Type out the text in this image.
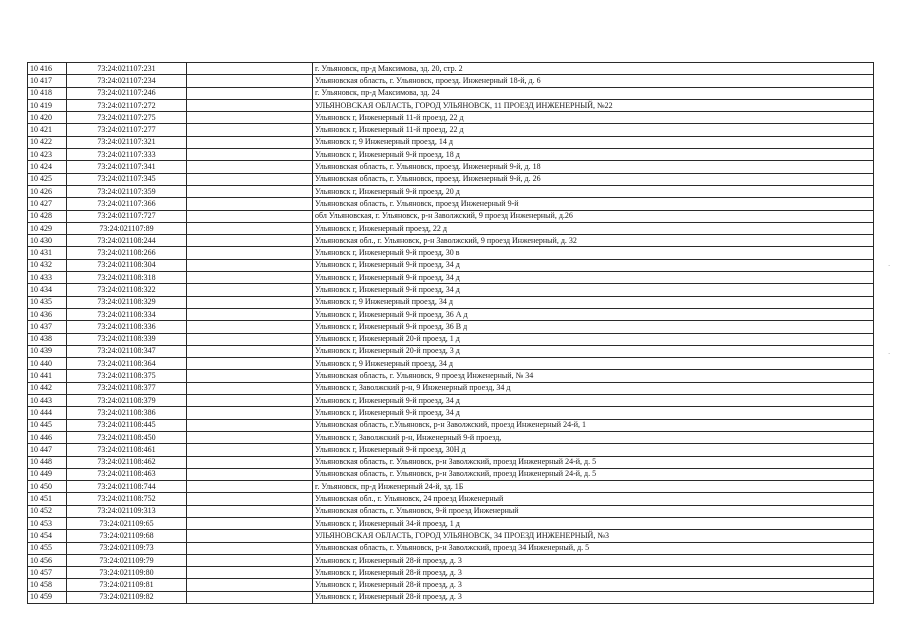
10 416	73:24:021107:231		г. Ульяновск, пр-д Максимова, зд. 20, стр. 2
10 417	73:24:021107:234		Ульяновская область, г. Ульяновск, проезд. Инженерный 18-й, д. 6
10 418	73:24:021107:246		г. Ульяновск, пр-д Максимова, зд. 24
10 419	73:24:021107:272		УЛЬЯНОВСКАЯ ОБЛАСТЬ, ГОРОД УЛЬЯНОВСК, 11 ПРОЕЗД ИНЖЕНЕРНЫЙ, №22
10 420	73:24:021107:275		Ульяновск г, Инженерный 11-й проезд, 22 д
10 421	73:24:021107:277		Ульяновск г, Инженерный 11-й проезд, 22 д
10 422	73:24:021107:321		Ульяновск г, 9 Инженерный проезд, 14 д
10 423	73:24:021107:333		Ульяновск г, Инженерный 9-й проезд, 18 д
10 424	73:24:021107:341		Ульяновская область, г. Ульяновск, проезд. Инженерный 9-й, д. 18
10 425	73:24:021107:345		Ульяновская область, г. Ульяновск, проезд. Инженерный 9-й, д. 26
10 426	73:24:021107:359		Ульяновск г, Инженерный 9-й проезд, 20 д
10 427	73:24:021107:366		Ульяновская область, г. Ульяновск, проезд Инженерный 9-й
10 428	73:24:021107:727		обл Ульяновская, г. Ульяновск, р-н Заволжский, 9 проезд Инженерный, д.26
10 429	73:24:021107:89		Ульяновск г, Инженерный проезд, 22 д
10 430	73:24:021108:244		Ульяновская обл., г. Ульяновск, р-н Заволжский, 9 проезд Инженерный, д. 32
10 431	73:24:021108:266		Ульяновск г, Инженерный 9-й проезд, 30 в
10 432	73:24:021108:304		Ульяновск г, Инженерный 9-й проезд, 34 д
10 433	73:24:021108:318		Ульяновск г, Инженерный 9-й проезд, 34 д
10 434	73:24:021108:322		Ульяновск г, Инженерный 9-й проезд, 34 д
10 435	73:24:021108:329		Ульяновск г, 9 Инженерный проезд, 34 д
10 436	73:24:021108:334		Ульяновск г, Инженерный 9-й проезд, 36 А д
10 437	73:24:021108:336		Ульяновск г, Инженерный 9-й проезд, 36 В д
10 438	73:24:021108:339		Ульяновск г, Инженерный 20-й проезд, 1 д
10 439	73:24:021108:347		Ульяновск г, Инженерный 20-й проезд, 3 д
10 440	73:24:021108:364		Ульяновск г, 9 Инженерный проезд, 34 д
10 441	73:24:021108:375		Ульяновская область, г. Ульяновск, 9 проезд Инженерный, № 34
10 442	73:24:021108:377		Ульяновск г, Заволжский р-н, 9 Инженерный проезд, 34 д
10 443	73:24:021108:379		Ульяновск г, Инженерный 9-й проезд, 34 д
10 444	73:24:021108:386		Ульяновск г, Инженерный 9-й проезд, 34 д
10 445	73:24:021108:445		Ульяновская область, г.Ульяновск, р-н Заволжский, проезд Инженерный 24-й, 1
10 446	73:24:021108:450		Ульяновск г, Заволжский р-н, Инженерный 9-й проезд,
10 447	73:24:021108:461		Ульяновск г, Инженерный 9-й проезд, 30Н д
10 448	73:24:021108:462		Ульяновская область, г. Ульяновск, р-н Заволжский, проезд Инженерный 24-й, д. 5
10 449	73:24:021108:463		Ульяновская область, г. Ульяновск, р-н Заволжский, проезд Инженерный 24-й, д. 5
10 450	73:24:021108:744		г. Ульяновск, пр-д Инженерный 24-й, зд. 1Б
10 451	73:24:021108:752		Ульяновская обл., г. Ульяновск, 24 проезд Инженерный
10 452	73:24:021109:313		Ульяновская область, г. Ульяновск, 9-й проезд Инженерный
10 453	73:24:021109:65		Ульяновск г, Инженерный 34-й проезд, 1 д
10 454	73:24:021109:68		УЛЬЯНОВСКАЯ ОБЛАСТЬ, ГОРОД УЛЬЯНОВСК, 34 ПРОЕЗД ИНЖЕНЕРНЫЙ, №3
10 455	73:24:021109:73		Ульяновская область, г. Ульяновск, р-н Заволжский, проезд 34 Инженерный, д. 5
10 456	73:24:021109:79		Ульяновск г, Инженерный 28-й проезд, д. 3
10 457	73:24:021109:80		Ульяновск г, Инженерный 28-й проезд, д. 3
10 458	73:24:021109:81		Ульяновск г, Инженерный 28-й проезд, д. 3
10 459	73:24:021109:82		Ульяновск г, Инженерный 28-й проезд, д. 3
·
·
